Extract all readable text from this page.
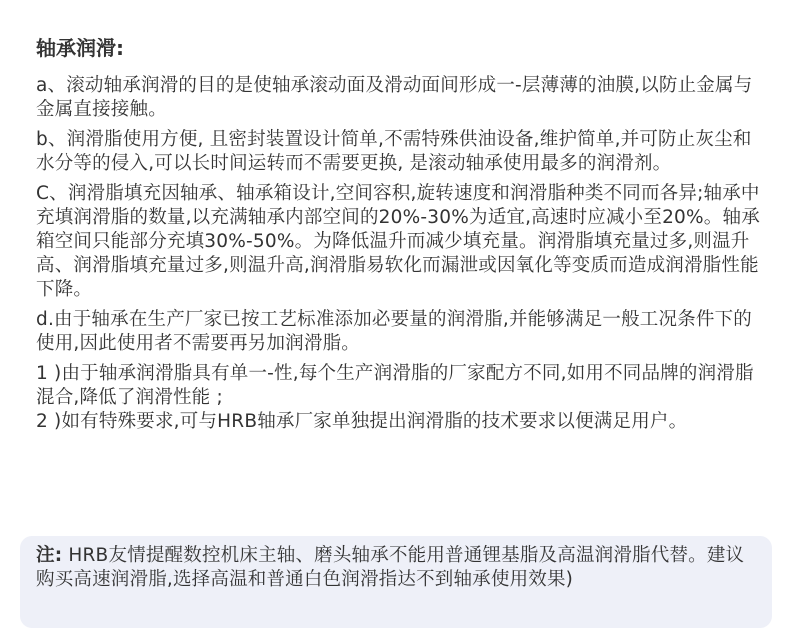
轴承润滑:

a、滚动轴承润滑的目的是使轴承滚动面及滑动面间形成一-层薄薄的油膜,以防止金属与金属直接接触。

b、润滑脂使用方便, 且密封装置设计简单,不需特殊供油设备,维护简单,并可防止灰尘和水分等的侵入,可以长时间运转而不需要更换, 是滚动轴承使用最多的润滑剂。

C、润滑脂填充因轴承、轴承箱设计,空间容积,旋转速度和润滑脂种类不同而各异;轴承中充填润滑脂的数量,以充满轴承内部空间的20%-30%为适宜,高速时应减小至20%。轴承箱空间只能部分充填30%-50%。为降低温升而减少填充量。润滑脂填充量过多,则温升高、润滑脂填充量过多,则温升高,润滑脂易软化而漏泄或因氧化等变质而造成润滑脂性能下降。

d.由于轴承在生产厂家已按工艺标准添加必要量的润滑脂,并能够满足一般工况条件下的使用,因此使用者不需要再另加润滑脂。

1 )由于轴承润滑脂具有单一-性,每个生产润滑脂的厂家配方不同,如用不同品牌的润滑脂混合,降低了润滑性能 ;

2 )如有特殊要求,可与HRB轴承厂家单独提出润滑脂的技术要求以便满足用户。

注: HRB友情提醒数控机床主轴、磨头轴承不能用普通锂基脂及高温润滑脂代替。建议购买高速润滑脂,选择高温和普通白色润滑指达不到轴承使用效果)
